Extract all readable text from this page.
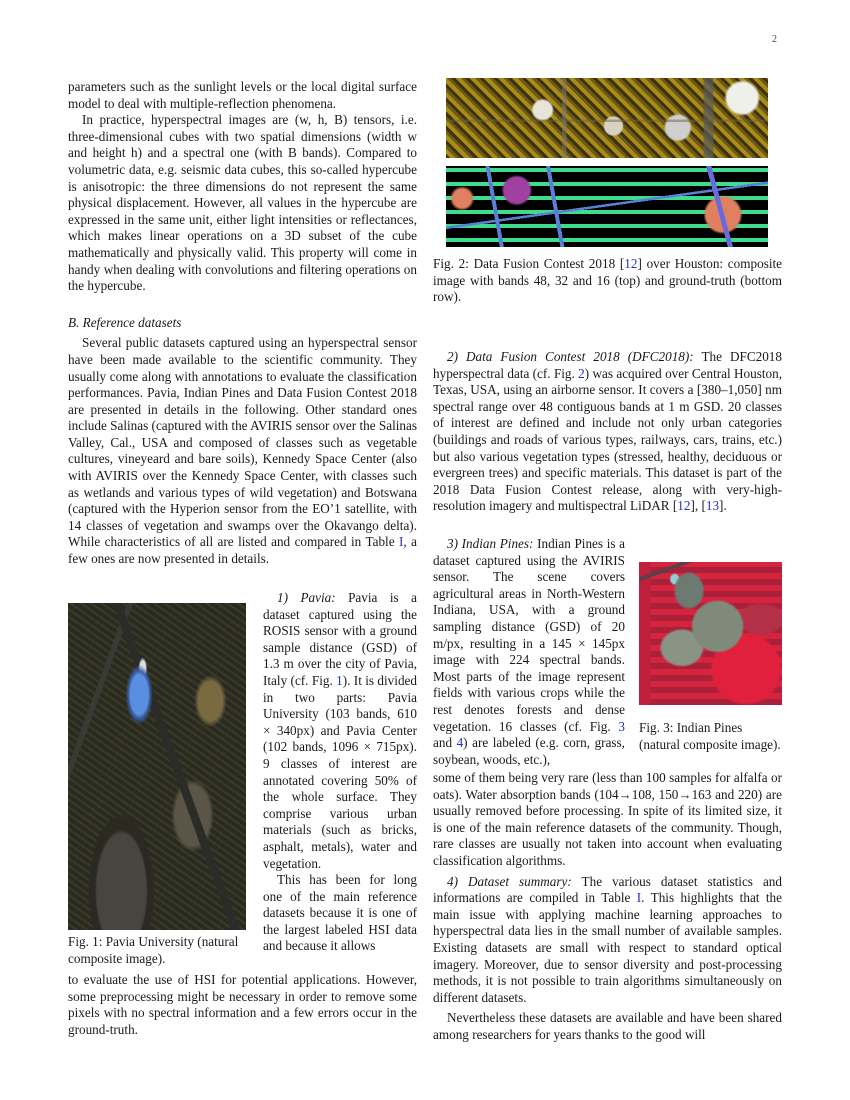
2

parameters such as the sunlight levels or the local digital surface model to deal with multiple-reflection phenomena.

In practice, hyperspectral images are (w, h, B) tensors, i.e. three-dimensional cubes with two spatial dimensions (width w and height h) and a spectral one (with B bands). Compared to volumetric data, e.g. seismic data cubes, this so-called hypercube is anisotropic: the three dimensions do not represent the same physical displacement. However, all values in the hypercube are expressed in the same unit, either light intensities or reflectances, which makes linear operations on a 3D subset of the cube mathematically and physically valid. This property will come in handy when dealing with convolutions and filtering operations on the hypercube.

B. Reference datasets

Several public datasets captured using an hyperspectral sensor have been made available to the scientific community. They usually come along with annotations to evaluate the classification performances. Pavia, Indian Pines and Data Fusion Contest 2018 are presented in details in the following. Other standard ones include Salinas (captured with the AVIRIS sensor over the Salinas Valley, Cal., USA and composed of classes such as vegetable cultures, vineyeard and bare soils), Kennedy Space Center (also with AVIRIS over the Kennedy Space Center, with classes such as wetlands and various types of wild vegetation) and Botswana (captured with the Hyperion sensor from the EO’1 satellite, with 14 classes of vegetation and swamps over the Okavango delta). While characteristics of all are listed and compared in Table I, a few ones are now presented in details.

Fig. 1: Pavia University (natural composite image).

1) Pavia: Pavia is a dataset captured using the ROSIS sensor with a ground sample distance (GSD) of 1.3 m over the city of Pavia, Italy (cf. Fig. 1). It is divided in two parts: Pavia University (103 bands, 610 × 340px) and Pavia Center (102 bands, 1096 × 715px). 9 classes of interest are annotated covering 50% of the whole surface. They comprise various urban materials (such as bricks, asphalt, metals), water and vegetation.

This has been for long one of the main reference datasets because it is one of the largest labeled HSI data and because it allows

to evaluate the use of HSI for potential applications. However, some preprocessing might be necessary in order to remove some pixels with no spectral information and a few errors occur in the ground-truth.

Fig. 2: Data Fusion Contest 2018 [12] over Houston: composite image with bands 48, 32 and 16 (top) and ground-truth (bottom row).

2) Data Fusion Contest 2018 (DFC2018): The DFC2018 hyperspectral data (cf. Fig. 2) was acquired over Central Houston, Texas, USA, using an airborne sensor. It covers a [380–1,050] nm spectral range over 48 contiguous bands at 1 m GSD. 20 classes of interest are defined and include not only urban categories (buildings and roads of various types, railways, cars, trains, etc.) but also various vegetation types (stressed, healthy, deciduous or evergreen trees) and specific materials. This dataset is part of the 2018 Data Fusion Contest release, along with very-high-resolution imagery and multispectral LiDAR [12], [13].

3) Indian Pines: Indian Pines is a dataset captured using the AVIRIS sensor. The scene covers agricultural areas in North-Western Indiana, USA, with a ground sampling distance (GSD) of 20 m/px, resulting in a 145 × 145px image with 224 spectral bands. Most parts of the image represent fields with various crops while the rest denotes forests and dense vegetation. 16 classes (cf. Fig. 3 and 4) are labeled (e.g. corn, grass, soybean, woods, etc.),

Fig. 3: Indian Pines (natural composite image).

some of them being very rare (less than 100 samples for alfalfa or oats). Water absorption bands (104→108, 150→163 and 220) are usually removed before processing. In spite of its limited size, it is one of the main reference datasets of the community. Though, rare classes are usually not taken into account when evaluating classification algorithms.

4) Dataset summary: The various dataset statistics and informations are compiled in Table I. This highlights that the main issue with applying machine learning approaches to hyperspectral data lies in the small number of available samples. Existing datasets are small with respect to standard optical imagery. Moreover, due to sensor diversity and post-processing methods, it is not possible to train algorithms simultaneously on different datasets.

Nevertheless these datasets are available and have been shared among researchers for years thanks to the good will
